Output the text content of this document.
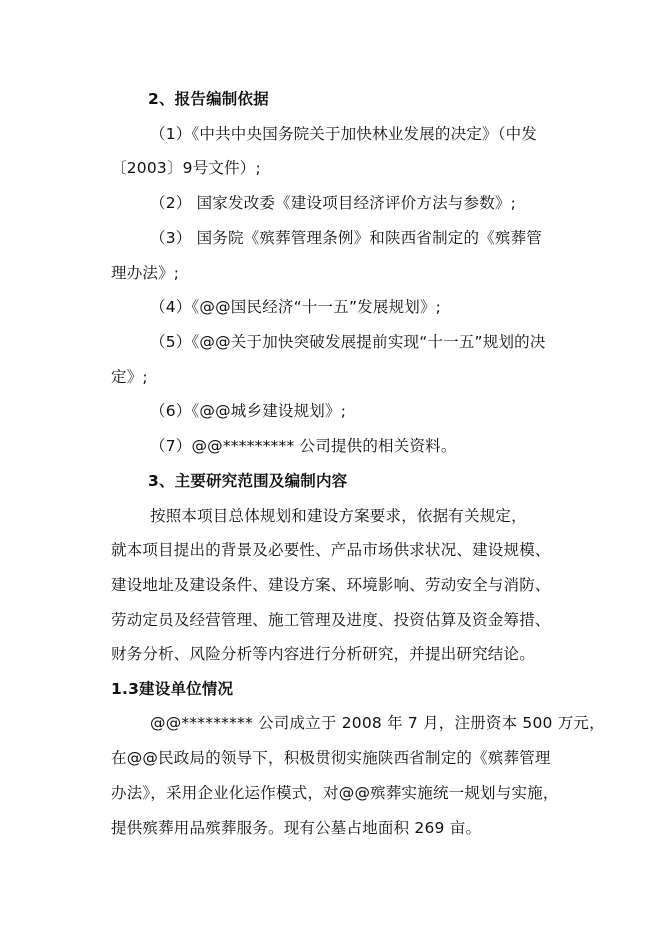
2、报告编制依据
（1）《中共中央国务院关于加快林业发展的决定》（中发
〔2003〕9号文件）;
（2） 国家发改委《建设项目经济评价方法与参数》;
（3） 国务院《殡葬管理条例》和陕西省制定的《殡葬管
理办法》;
（4）《@@国民经济“十一五”发展规划》;
（5）《@@关于加快突破发展提前实现“十一五”规划的决
定》;
（6）《@@城乡建设规划》;
（7）@@********* 公司提供的相关资料。
3、主要研究范围及编制内容
按照本项目总体规划和建设方案要求，依据有关规定，
就本项目提出的背景及必要性、产品市场供求状况、建设规模、
建设地址及建设条件、建设方案、环境影响、劳动安全与消防、
劳动定员及经营管理、施工管理及进度、投资估算及资金筹措、
财务分析、风险分析等内容进行分析研究，并提出研究结论。
1.3建设单位情况
@@********* 公司成立于 2008 年 7 月，注册资本 500 万元，
在@@民政局的领导下，积极贯彻实施陕西省制定的《殡葬管理
办法》，采用企业化运作模式，对@@殡葬实施统一规划与实施，
提供殡葬用品殡葬服务。现有公墓占地面积 269 亩。
